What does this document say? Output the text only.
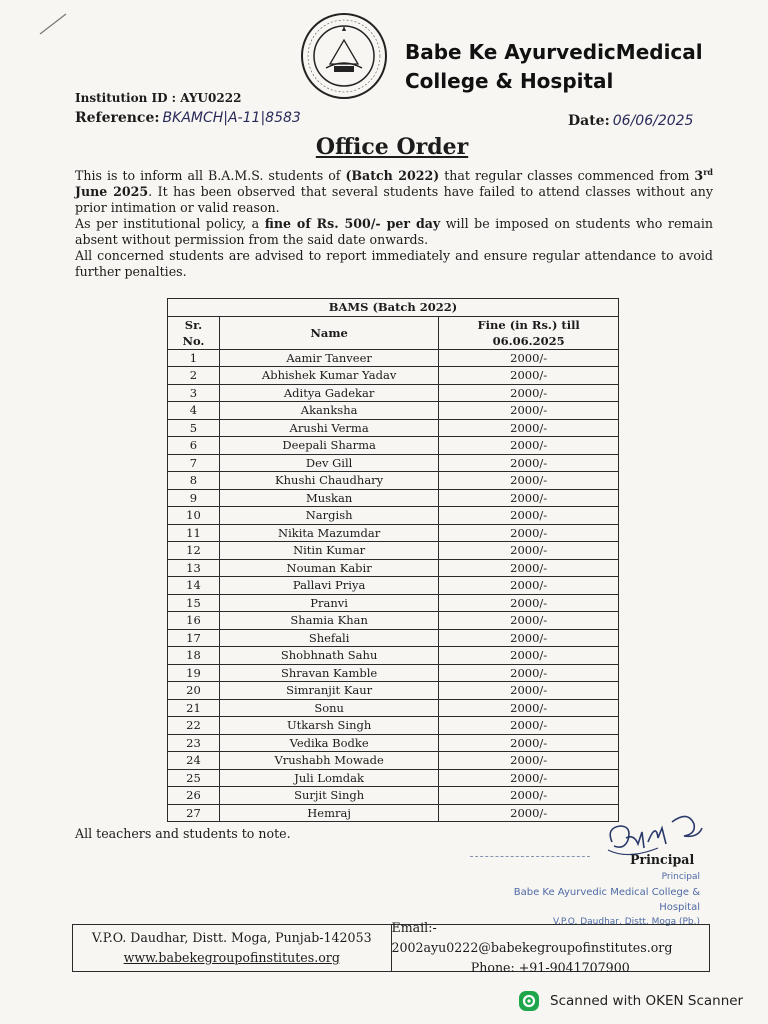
Babe Ke AyurvedicMedical
College & Hospital
Institution ID : AYU0222
Reference: BKAMCH|A-11|8583	Date: 06/06/2025
Office Order

This is to inform all B.A.M.S. students of (Batch 2022) that regular classes commenced from 3rd June 2025. It has been observed that several students have failed to attend classes without any prior intimation or valid reason.

As per institutional policy, a fine of Rs. 500/- per day will be imposed on students who remain absent without permission from the said date onwards.

All concerned students are advised to report immediately and ensure regular attendance to avoid further penalties.

BAMS (Batch 2022)		
Sr. No.	Name	Fine (in Rs.) till 06.06.2025
1	Aamir Tanveer	2000/-
2	Abhishek Kumar Yadav	2000/-
3	Aditya Gadekar	2000/-
4	Akanksha	2000/-
5	Arushi Verma	2000/-
6	Deepali Sharma	2000/-
7	Dev Gill	2000/-
8	Khushi Chaudhary	2000/-
9	Muskan	2000/-
10	Nargish	2000/-
11	Nikita Mazumdar	2000/-
12	Nitin Kumar	2000/-
13	Nouman Kabir	2000/-
14	Pallavi Priya	2000/-
15	Pranvi	2000/-
16	Shamia Khan	2000/-
17	Shefali	2000/-
18	Shobhnath Sahu	2000/-
19	Shravan Kamble	2000/-
20	Simranjit Kaur	2000/-
21	Sonu	2000/-
22	Utkarsh Singh	2000/-
23	Vedika Bodke	2000/-
24	Vrushabh Mowade	2000/-
25	Juli Lomdak	2000/-
26	Surjit Singh	2000/-
27	Hemraj	2000/-
All teachers and students to note.
Principal
Principal
Babe Ke Ayurvedic Medical College & Hospital
V.P.O. Daudhar, Distt. Moga (Pb.)
V.P.O. Daudhar, Distt. Moga, Punjab-142053
www.babekegroupofinstitutes.org
Email:- 2002ayu0222@babekegroupofinstitutes.org
Phone: +91-9041707900
Scanned with OKEN Scanner
